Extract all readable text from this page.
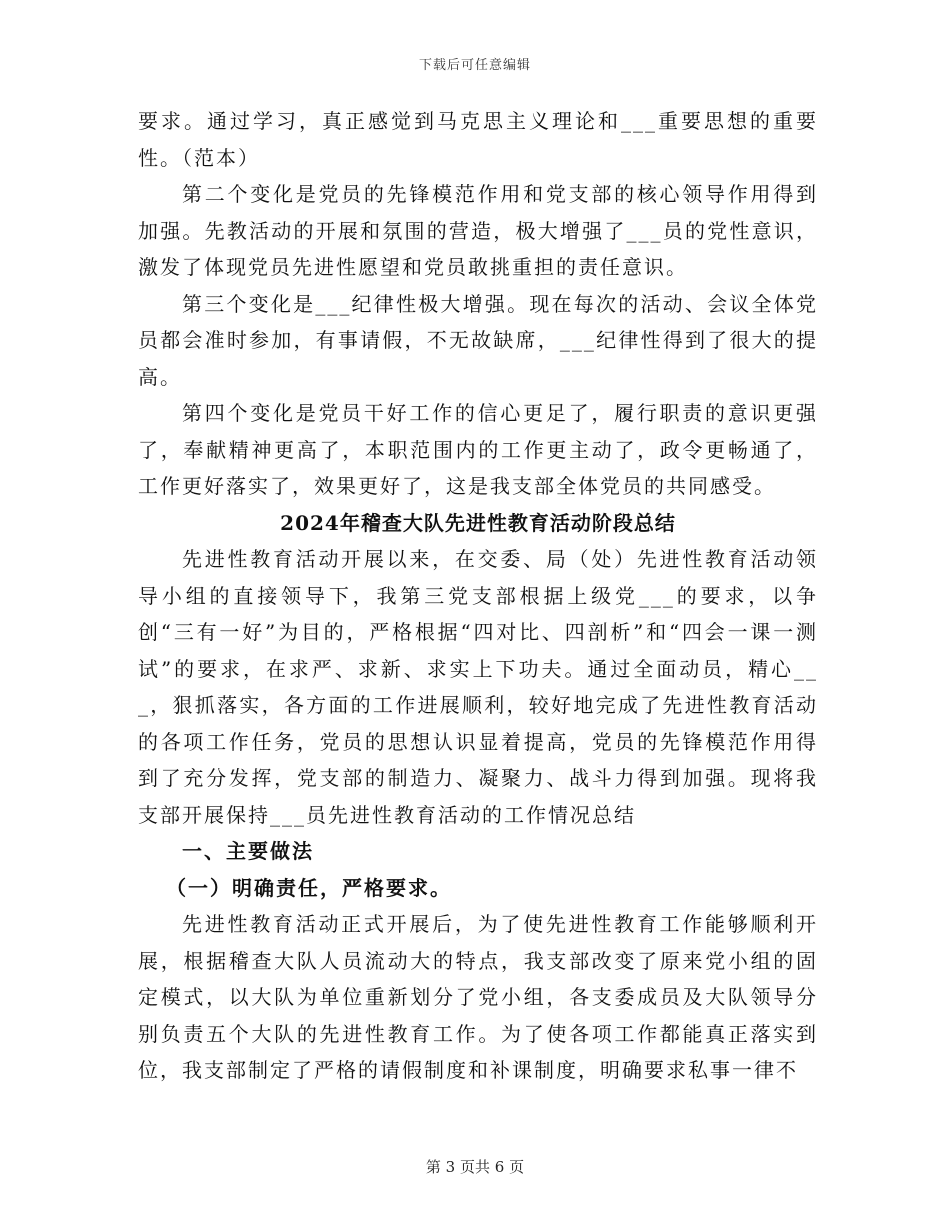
下载后可任意编辑

要求。通过学习，真正感觉到马克思主义理论和___重要思想的重要性。（范本）

第二个变化是党员的先锋模范作用和党支部的核心领导作用得到加强。先教活动的开展和氛围的营造，极大增强了___员的党性意识，激发了体现党员先进性愿望和党员敢挑重担的责任意识。

第三个变化是___纪律性极大增强。现在每次的活动、会议全体党员都会准时参加，有事请假，不无故缺席，___纪律性得到了很大的提高。

第四个变化是党员干好工作的信心更足了，履行职责的意识更强了，奉献精神更高了，本职范围内的工作更主动了，政令更畅通了，工作更好落实了，效果更好了，这是我支部全体党员的共同感受。

2024年稽查大队先进性教育活动阶段总结

先进性教育活动开展以来，在交委、局（处）先进性教育活动领导小组的直接领导下，我第三党支部根据上级党___的要求，以争创“三有一好”为目的，严格根据“四对比、四剖析”和“四会一课一测试”的要求，在求严、求新、求实上下功夫。通过全面动员，精心___，狠抓落实，各方面的工作进展顺利，较好地完成了先进性教育活动的各项工作任务，党员的思想认识显着提高，党员的先锋模范作用得到了充分发挥，党支部的制造力、凝聚力、战斗力得到加强。现将我支部开展保持___员先进性教育活动的工作情况总结

一、主要做法

（一）明确责任，严格要求。

先进性教育活动正式开展后，为了使先进性教育工作能够顺利开展，根据稽查大队人员流动大的特点，我支部改变了原来党小组的固定模式，以大队为单位重新划分了党小组，各支委成员及大队领导分别负责五个大队的先进性教育工作。为了使各项工作都能真正落实到位，我支部制定了严格的请假制度和补课制度，明确要求私事一律不

第 3 页共 6 页
